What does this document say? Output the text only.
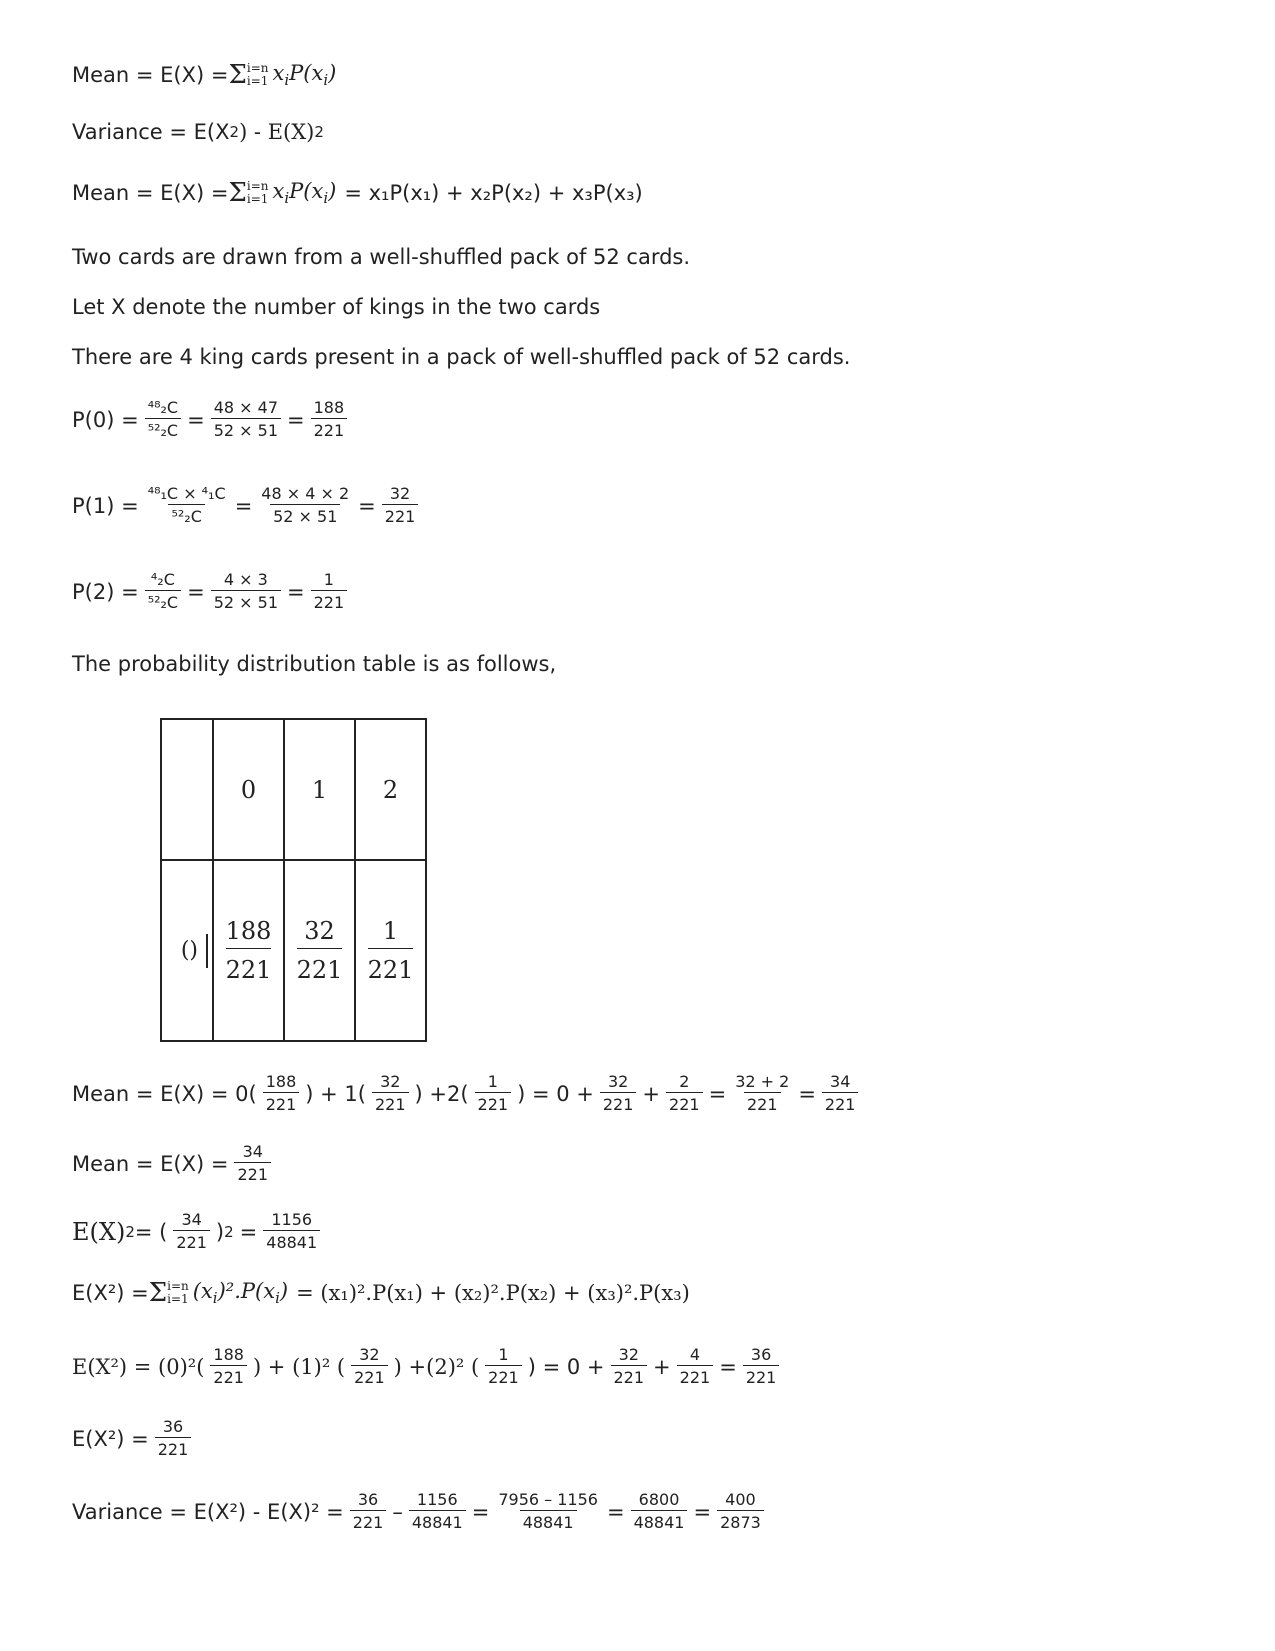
Mean = E(X) = Σ i=n
i=1 $x_iP(x_i)$
Variance = E(X 2 ) - E(X) 2
Mean = E(X) = Σ i=n
i=1 $x_iP(x_i) = x_1P(x_1) + x_2P(x_2) + x_3P(x_3)$
Two cards are drawn from a well-shuffled pack of 52 cards.
Let X denote the number of kings in the two cards
There are 4 king cards present in a pack of well-shuffled pack of 52 cards.
$P(0) = \frac{\text{⁴⁸₂C}}{\text{⁵²₂C}} = \frac{48 \times 47}{52 \times 51} = \frac{188}{221}$
$P(1) = \frac{\text{⁴⁸₁C × ⁴₁C}}{\text{⁵²₂C}} = \frac{48 \times 4 \times 2}{52 \times 51} = \frac{32}{221}$
$P(2) = \frac{\text{⁴₂C}}{\text{⁵²₂C}} = \frac{4 \times 3}{52 \times 51} = \frac{1}{221}$
The probability distribution table is as follows,
	0	1	2

()	$\frac{188}{221}$	$\frac{32}{221}$	$\frac{1}{221}$
Mean = $E(X) = 0( \frac{188}{221}$ ) + $1( \frac{32}{221}$ ) $+2( \frac{1}{221}$ ) = $0 + \frac{32}{221} + \frac{2}{221} = \frac{32 + 2}{221} = \frac{34}{221}$
Mean = $E(X) = \frac{34}{221}$
E(X) 2 = ( $\frac{34}{221}$ ) $2 = \frac{1156}{48841}$
E(X²) = Σ i=n
i=1 $(x_i)^2.P(x_i) = (x_1)^2.P(x_1) + (x_2)^2.P(x_2) + (x_3)^2.P(x_3)$
$E(X^2) = (0)^2( \frac{188}{221}$ ) + (1)² ( $\frac{32}{221}$ ) +(2)² ( $\frac{1}{221}$ ) = $0 + \frac{32}{221} + \frac{4}{221} = \frac{36}{221}$
$E(X^2) = \frac{36}{221}$
Variance = $E(X^2) - E(X)^2 = \frac{36}{221} - \frac{1156}{48841} = \frac{7956 - 1156}{48841} = \frac{6800}{48841} = \frac{400}{2873}$
